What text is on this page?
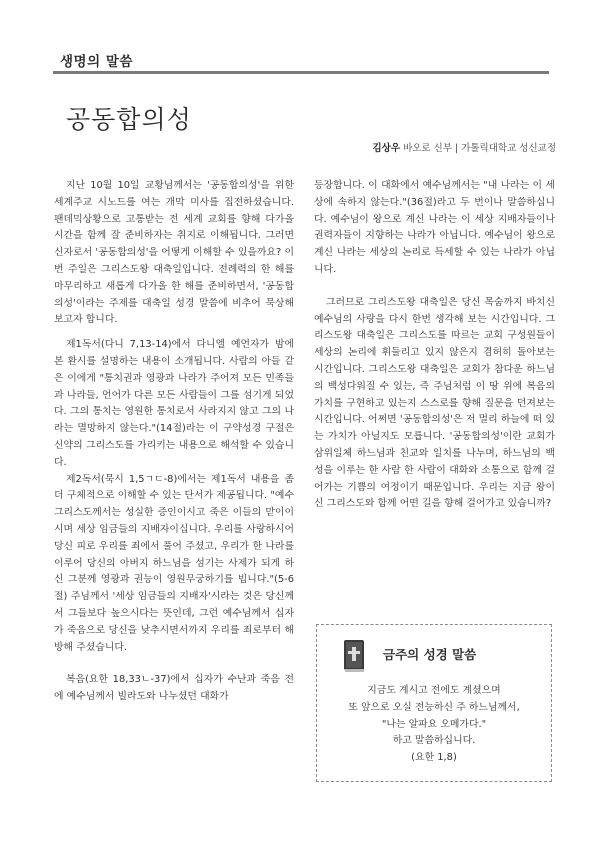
생명의 말씀
공동합의성
김상우 바오로 신부 | 가톨릭대학교 성신교정

지난 10월 10일 교황님께서는 '공동합의성'을 위한 세계주교 시노드를 여는 개막 미사를 집전하셨습니다. 팬데믹상황으로 고통받는 전 세계 교회를 향해 다가올 시간을 함께 잘 준비하자는 취지로 이해됩니다. 그러면 신자로서 '공동합의성'을 어떻게 이해할 수 있을까요? 이번 주일은 그리스도왕 대축일입니다. 전례력의 한 해를 마무리하고 새롭게 다가올 한 해를 준비하면서, '공동합의성'이라는 주제를 대축일 성경 말씀에 비추어 묵상해보고자 합니다.

제1독서(다니 7,13-14)에서 다니엘 예언자가 밤에 본 환시를 설명하는 내용이 소개됩니다. 사람의 아들 같은 이에게 "통치권과 영광과 나라가 주어져 모든 민족들과 나라들, 언어가 다른 모든 사람들이 그를 섬기게 되었다. 그의 통치는 영원한 통치로서 사라지지 않고 그의 나라는 멸망하지 않는다."(14절)라는 이 구약성경 구절은 신약의 그리스도를 가리키는 내용으로 해석할 수 있습니다.

제2독서(묵시 1,5ㄱㄷ-8)에서는 제1독서 내용을 좀 더 구체적으로 이해할 수 있는 단서가 제공됩니다. "예수 그리스도께서는 성실한 증인이시고 죽은 이들의 맏이이시며 세상 임금들의 지배자이십니다. 우리를 사랑하시어 당신 피로 우리를 죄에서 풀어 주셨고, 우리가 한 나라를 이루어 당신의 아버지 하느님을 섬기는 사제가 되게 하신 그분께 영광과 권능이 영원무궁하기를 빕니다."(5-6절) 주님께서 '세상 임금들의 지배자'시라는 것은 당신께서 그들보다 높으시다는 뜻인데, 그런 예수님께서 십자가 죽음으로 당신을 낮추시면서까지 우리를 죄로부터 해방해 주셨습니다.

복음(요한 18,33ㄴ-37)에서 십자가 수난과 죽음 전에 예수님께서 빌라도와 나누셨던 대화가

등장합니다. 이 대화에서 예수님께서는 "내 나라는 이 세상에 속하지 않는다."(36절)라고 두 번이나 말씀하십니다. 예수님이 왕으로 계신 나라는 이 세상 지배자들이나 권력자들이 지향하는 나라가 아닙니다. 예수님이 왕으로 계신 나라는 세상의 논리로 득세할 수 있는 나라가 아닙니다.

그러므로 그리스도왕 대축일은 당신 목숨까지 바치신 예수님의 사랑을 다시 한번 생각해 보는 시간입니다. 그리스도왕 대축일은 그리스도를 따르는 교회 구성원들이 세상의 논리에 휘둘리고 있지 않은지 겸허히 돌아보는 시간입니다. 그리스도왕 대축일은 교회가 참다운 하느님의 백성다워질 수 있는, 즉 주님처럼 이 땅 위에 복음의 가치를 구현하고 있는지 스스로를 향해 질문을 던져보는 시간입니다. 어쩌면 '공동합의성'은 저 멀리 하늘에 떠 있는 가치가 아닐지도 모릅니다. '공동합의성'이란 교회가 삼위일체 하느님과 친교와 일치를 나누며, 하느님의 백성을 이루는 한 사람 한 사람이 대화와 소통으로 함께 걸어가는 기쁨의 여정이기 때문입니다. 우리는 지금 왕이신 그리스도와 함께 어떤 길을 향해 걸어가고 있습니까?

금주의 성경 말씀
지금도 계시고 전에도 계셨으며
또 앞으로 오실 전능하신 주 하느님께서,
"나는 알파요 오메가다."
하고 말씀하십니다.
(요한 1,8)
